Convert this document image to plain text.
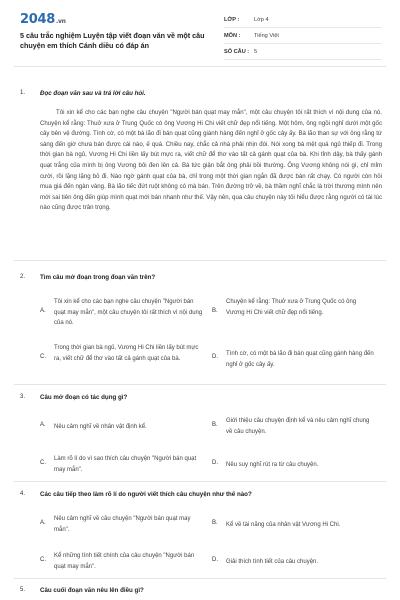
2048.vn
5 câu trắc nghiệm Luyện tập viết đoạn văn về một câu chuyện em thích Cánh diều có đáp án
LỚP :	Lớp 4
MÔN :	Tiếng Việt
SỐ CÂU : 5
1. Đọc đoạn văn sau và trả lời câu hỏi.

Tôi xin kể cho các bạn nghe câu chuyện "Người bán quạt may mắn", một câu chuyện tôi rất thích vì nội dung của nó. Chuyện kể rằng: Thuở xưa ở Trung Quốc có ông Vương Hi Chi viết chữ đẹp nổi tiếng. Một hôm, ông ngồi nghỉ dưới một gốc cây bên vệ đường. Tình cờ, có một bà lão đi bán quạt cũng giành hàng đến nghỉ ở gốc cây ấy. Bà lão than sự với ông rằng từ sáng đến giờ chưa bán được cái nào, ế quá. Chiều nay, chắc cả nhà phải nhịn đói. Nói xong bà mệt quá ngủ thiếp đi. Trong thời gian bà ngủ, Vương Hi Chi liền lấy bút mực ra, viết chữ để thơ vào tất cả gánh quạt của bà. Khi tỉnh dậy, bà thấy gánh quạt trắng của mình bị ông Vương bôi đen lên cả. Bà tức giận bắt ông phải bồi thường. Ông Vương không nói gì, chỉ mỉm cười, rồi lặng lặng bỏ đi. Nào ngờ gánh quạt của bà, chỉ trong một thời gian ngắn đã được bán rất chạy. Có người còn hỏi mua giá đến ngàn vàng. Bà lão tiếc đứt ruột không có mà bán. Trên đường trở về, bà thầm nghĩ chắc là trời thương mình nên mới sai tiên ông đến giúp mình quạt mới bán nhanh như thế. Vậy nên, qua câu chuyện này tôi hiểu được rằng người có tài lúc nào cũng được trân trọng.

2. Tìm câu mở đoạn trong đoạn văn trên?
A.
Tôi xin kể cho các bạn nghe câu chuyện "Người bán quạt may mắn", một câu chuyện tôi rất thích vì nội dung của nó.
B.
Chuyện kể rằng: Thuở xưa ở Trung Quốc có ông Vương Hi Chi viết chữ đẹp nổi tiếng.
C.
Trong thời gian bà ngủ, Vương Hi Chi liền lấy bút mực ra, viết chữ để thơ vào tất cả gánh quạt của bà.	D. Tình cờ, có một bà lão đi bán quạt cũng gánh hàng đến nghỉ ở gốc cây ấy.
3. Câu mở đoạn có tác dụng gì?
A. Nêu cảm nghĩ về nhân vật định kể.	B.
Giới thiệu câu chuyện định kể và nêu cảm nghĩ chung về câu chuyện.
C.
Làm rõ lí do vì sao thích câu chuyện "Người bán quạt may mắn".
D. Nêu suy nghĩ rút ra từ câu chuyện.
4. Các câu tiếp theo làm rõ lí do người viết thích câu chuyện như thế nào?
A.
Nêu cảm nghĩ về câu chuyện "Người bán quạt may mắn".
B. Kể về tài năng của nhân vật Vương Hi Chi.
C.
Kể những tình tiết chính của câu chuyện "Người bán quạt may mắn".
D. Giải thích tình tiết của câu chuyện.
5. Câu cuối đoạn văn nêu lên điều gì?
